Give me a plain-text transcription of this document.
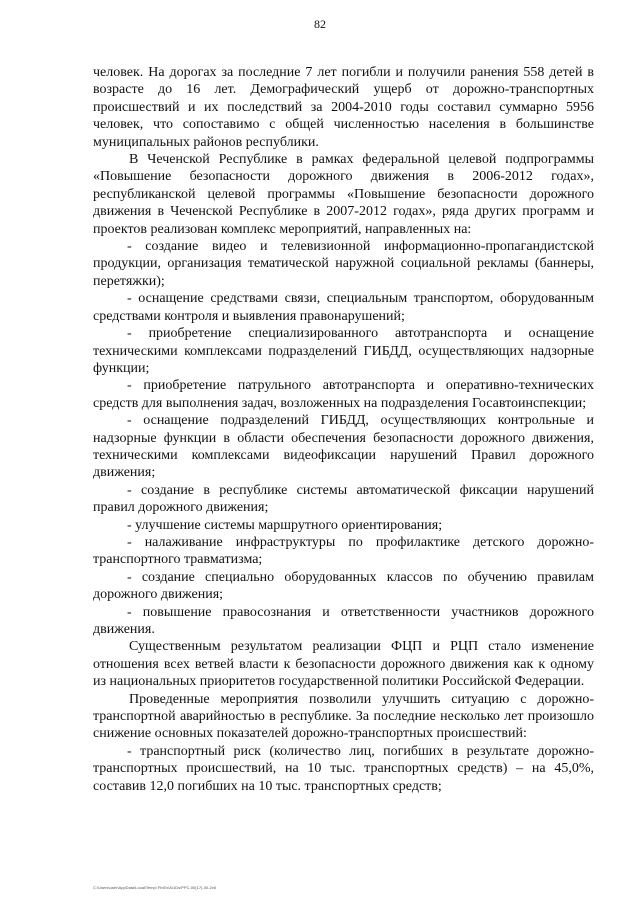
82

человек. На дорогах за последние 7 лет погибли и получили ранения 558 детей в возрасте до 16 лет. Демографический ущерб от дорожно-транспортных происшествий и их последствий за 2004-2010 годы составил суммарно 5956 человек, что сопоставимо с общей численностью населения в большинстве муниципальных районов республики.

В Чеченской Республике в рамках федеральной целевой подпрограммы «Повышение безопасности дорожного движения в 2006-2012 годах», республиканской целевой программы «Повышение безопасности дорожного движения в Чеченской Республике в 2007-2012 годах», ряда других программ и проектов реализован комплекс мероприятий, направленных на:

- создание видео и телевизионной информационно-пропагандистской продукции, организация тематической наружной социальной рекламы (баннеры, перетяжки);

- оснащение средствами связи, специальным транспортом, оборудованным средствами контроля и выявления правонарушений;

- приобретение специализированного автотранспорта и оснащение техническими комплексами подразделений ГИБДД, осуществляющих надзорные функции;

- приобретение патрульного автотранспорта и оперативно-технических средств для выполнения задач, возложенных на подразделения Госавтоинспекции;

- оснащение подразделений ГИБДД, осуществляющих контрольные и надзорные функции в области обеспечения безопасности дорожного движения, техническими комплексами видеофиксации нарушений Правил дорожного движения;

- создание в республике системы автоматической фиксации нарушений правил дорожного движения;

- улучшение системы маршрутного ориентирования;

- налаживание инфраструктуры по профилактике детского дорожно-транспортного травматизма;

- создание специально оборудованных классов по обучению правилам дорожного движения;

- повышение правосознания и ответственности участников дорожного движения.

Существенным результатом реализации ФЦП и РЦП стало изменение отношения всех ветвей власти к безопасности дорожного движения как к одному из национальных приоритетов государственной политики Российской Федерации.

Проведенные мероприятия позволили улучшить ситуацию с дорожно-транспортной аварийностью в республике. За последние несколько лет произошло снижение основных показателей дорожно-транспортных происшествий:

- транспортный риск (количество лиц, погибших в результате дорожно-транспортных происшествий, на 10 тыс. транспортных средств) – на 45,0%, составив 12,0 погибших на 10 тыс. транспортных средств;

С:\Users\user\AppData\Local\Temp\ FinEx\A\1Ds\PPC-00(17)-00-2x6
